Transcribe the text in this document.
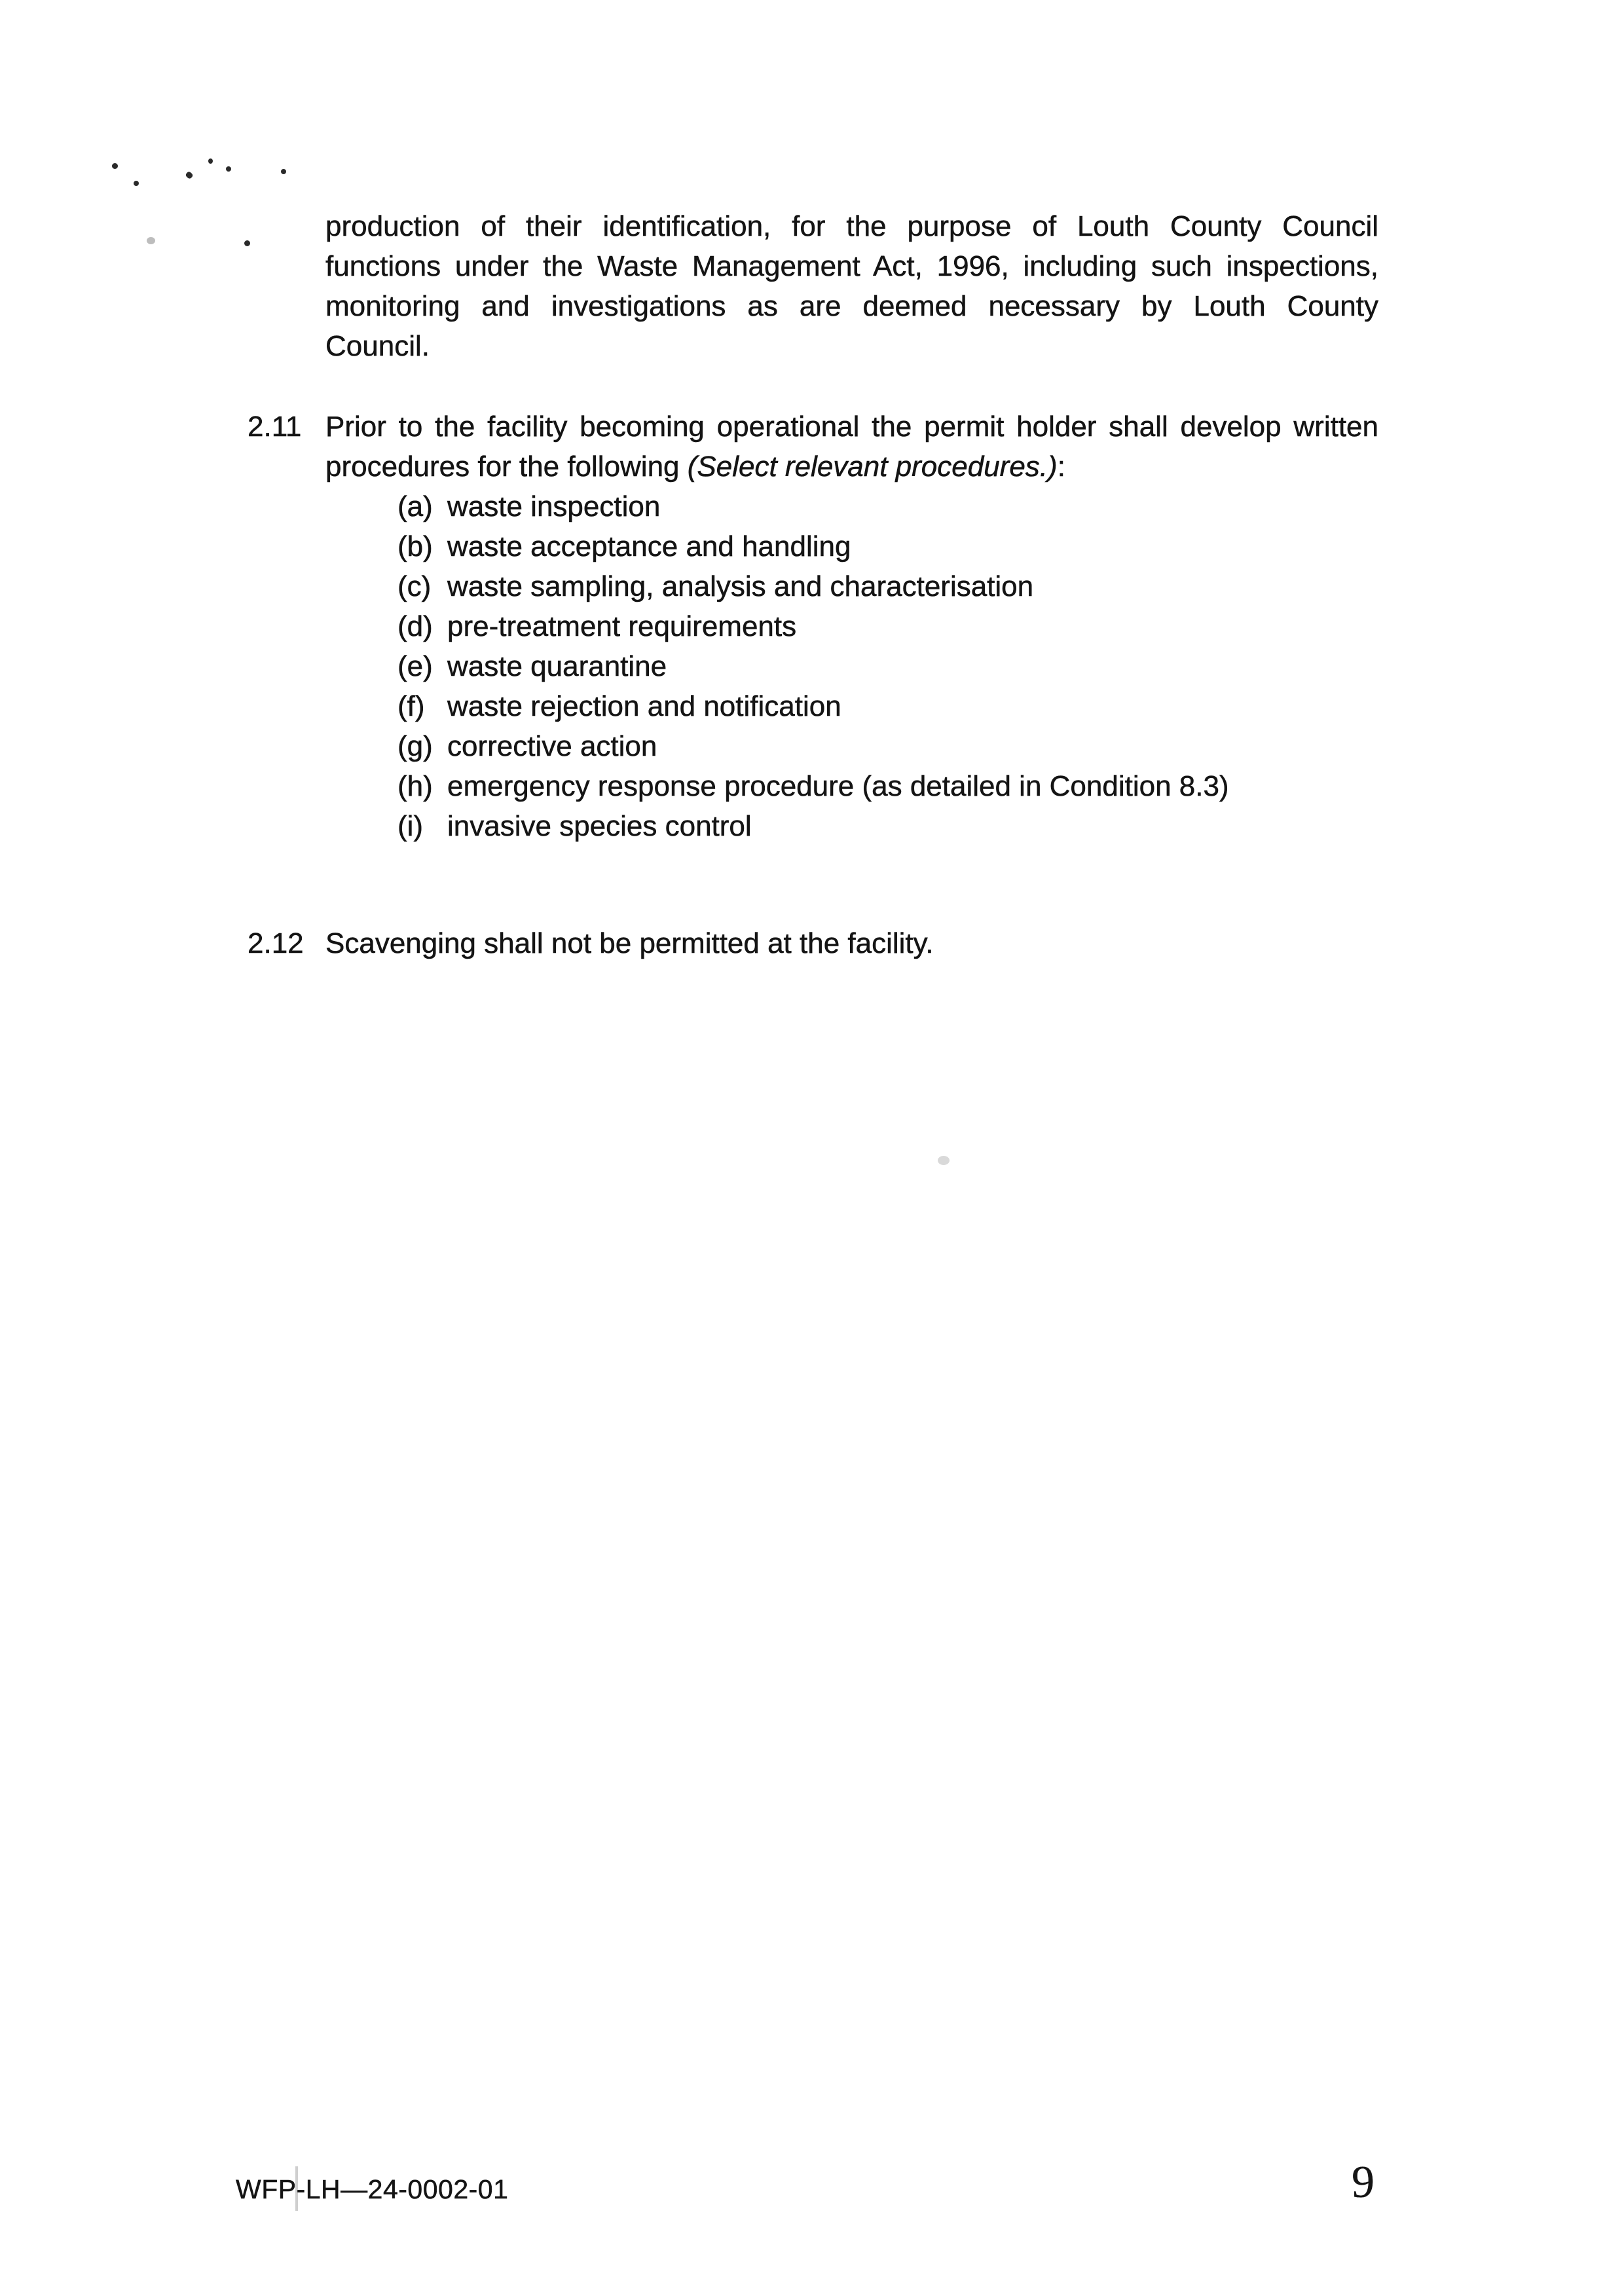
production of their identification, for the purpose of Louth County Council
functions under the Waste Management Act, 1996, including such inspections,
monitoring and investigations as are deemed necessary by Louth County
Council.
2.11 Prior to the facility becoming operational the permit holder shall develop written
procedures for the following (Select relevant procedures.):
(a) waste inspection
(b) waste acceptance and handling
(c) waste sampling, analysis and characterisation
(d) pre-treatment requirements
(e) waste quarantine
(f) waste rejection and notification
(g) corrective action
(h) emergency response procedure (as detailed in Condition 8.3)
(i) invasive species control
2.12 Scavenging shall not be permitted at the facility.
WFP-LH—24-0002-01	9
